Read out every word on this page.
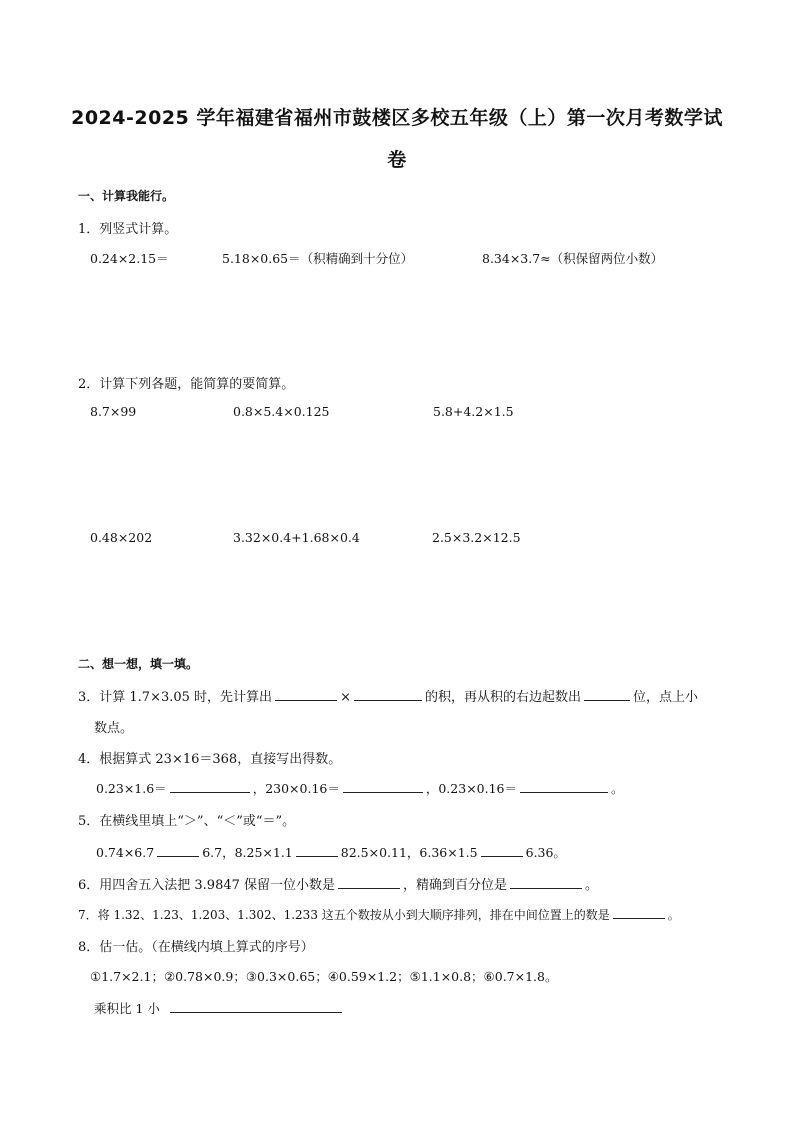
2024-2025 学年福建省福州市鼓楼区多校五年级（上）第一次月考数学试
卷
一、计算我能行。
1．列竖式计算。
0.24×2.15＝	5.18×0.65＝（积精确到十分位）	8.34×3.7≈（积保留两位小数）
2．计算下列各题，能简算的要简算。
8.7×99	0.8×5.4×0.125	5.8+4.2×1.5
0.48×202	3.32×0.4+1.68×0.4	2.5×3.2×12.5
二、想一想，填一填。
3．计算 1.7×3.05 时，先计算出	×	的积，再从积的右边起数出	位，点上小
数点。
4．根据算式 23×16＝368，直接写出得数。
0.23×1.6＝	，230×0.16＝	，0.23×0.16＝	。
5．在横线里填上“＞”、“＜”或“＝”。
0.74×6.7	6.7，8.25×1.1	82.5×0.11，6.36×1.5	6.36。
6．用四舍五入法把 3.9847 保留一位小数是	，精确到百分位是	。
7．将 1.32、1.23、1.203、1.302、1.233 这五个数按从小到大顺序排列，排在中间位置上的数是	。
8．估一估。（在横线内填上算式的序号）
①1.7×2.1；②0.78×0.9；③0.3×0.65；④0.59×1.2；⑤1.1×0.8；⑥0.7×1.8。
乘积比 1 小
